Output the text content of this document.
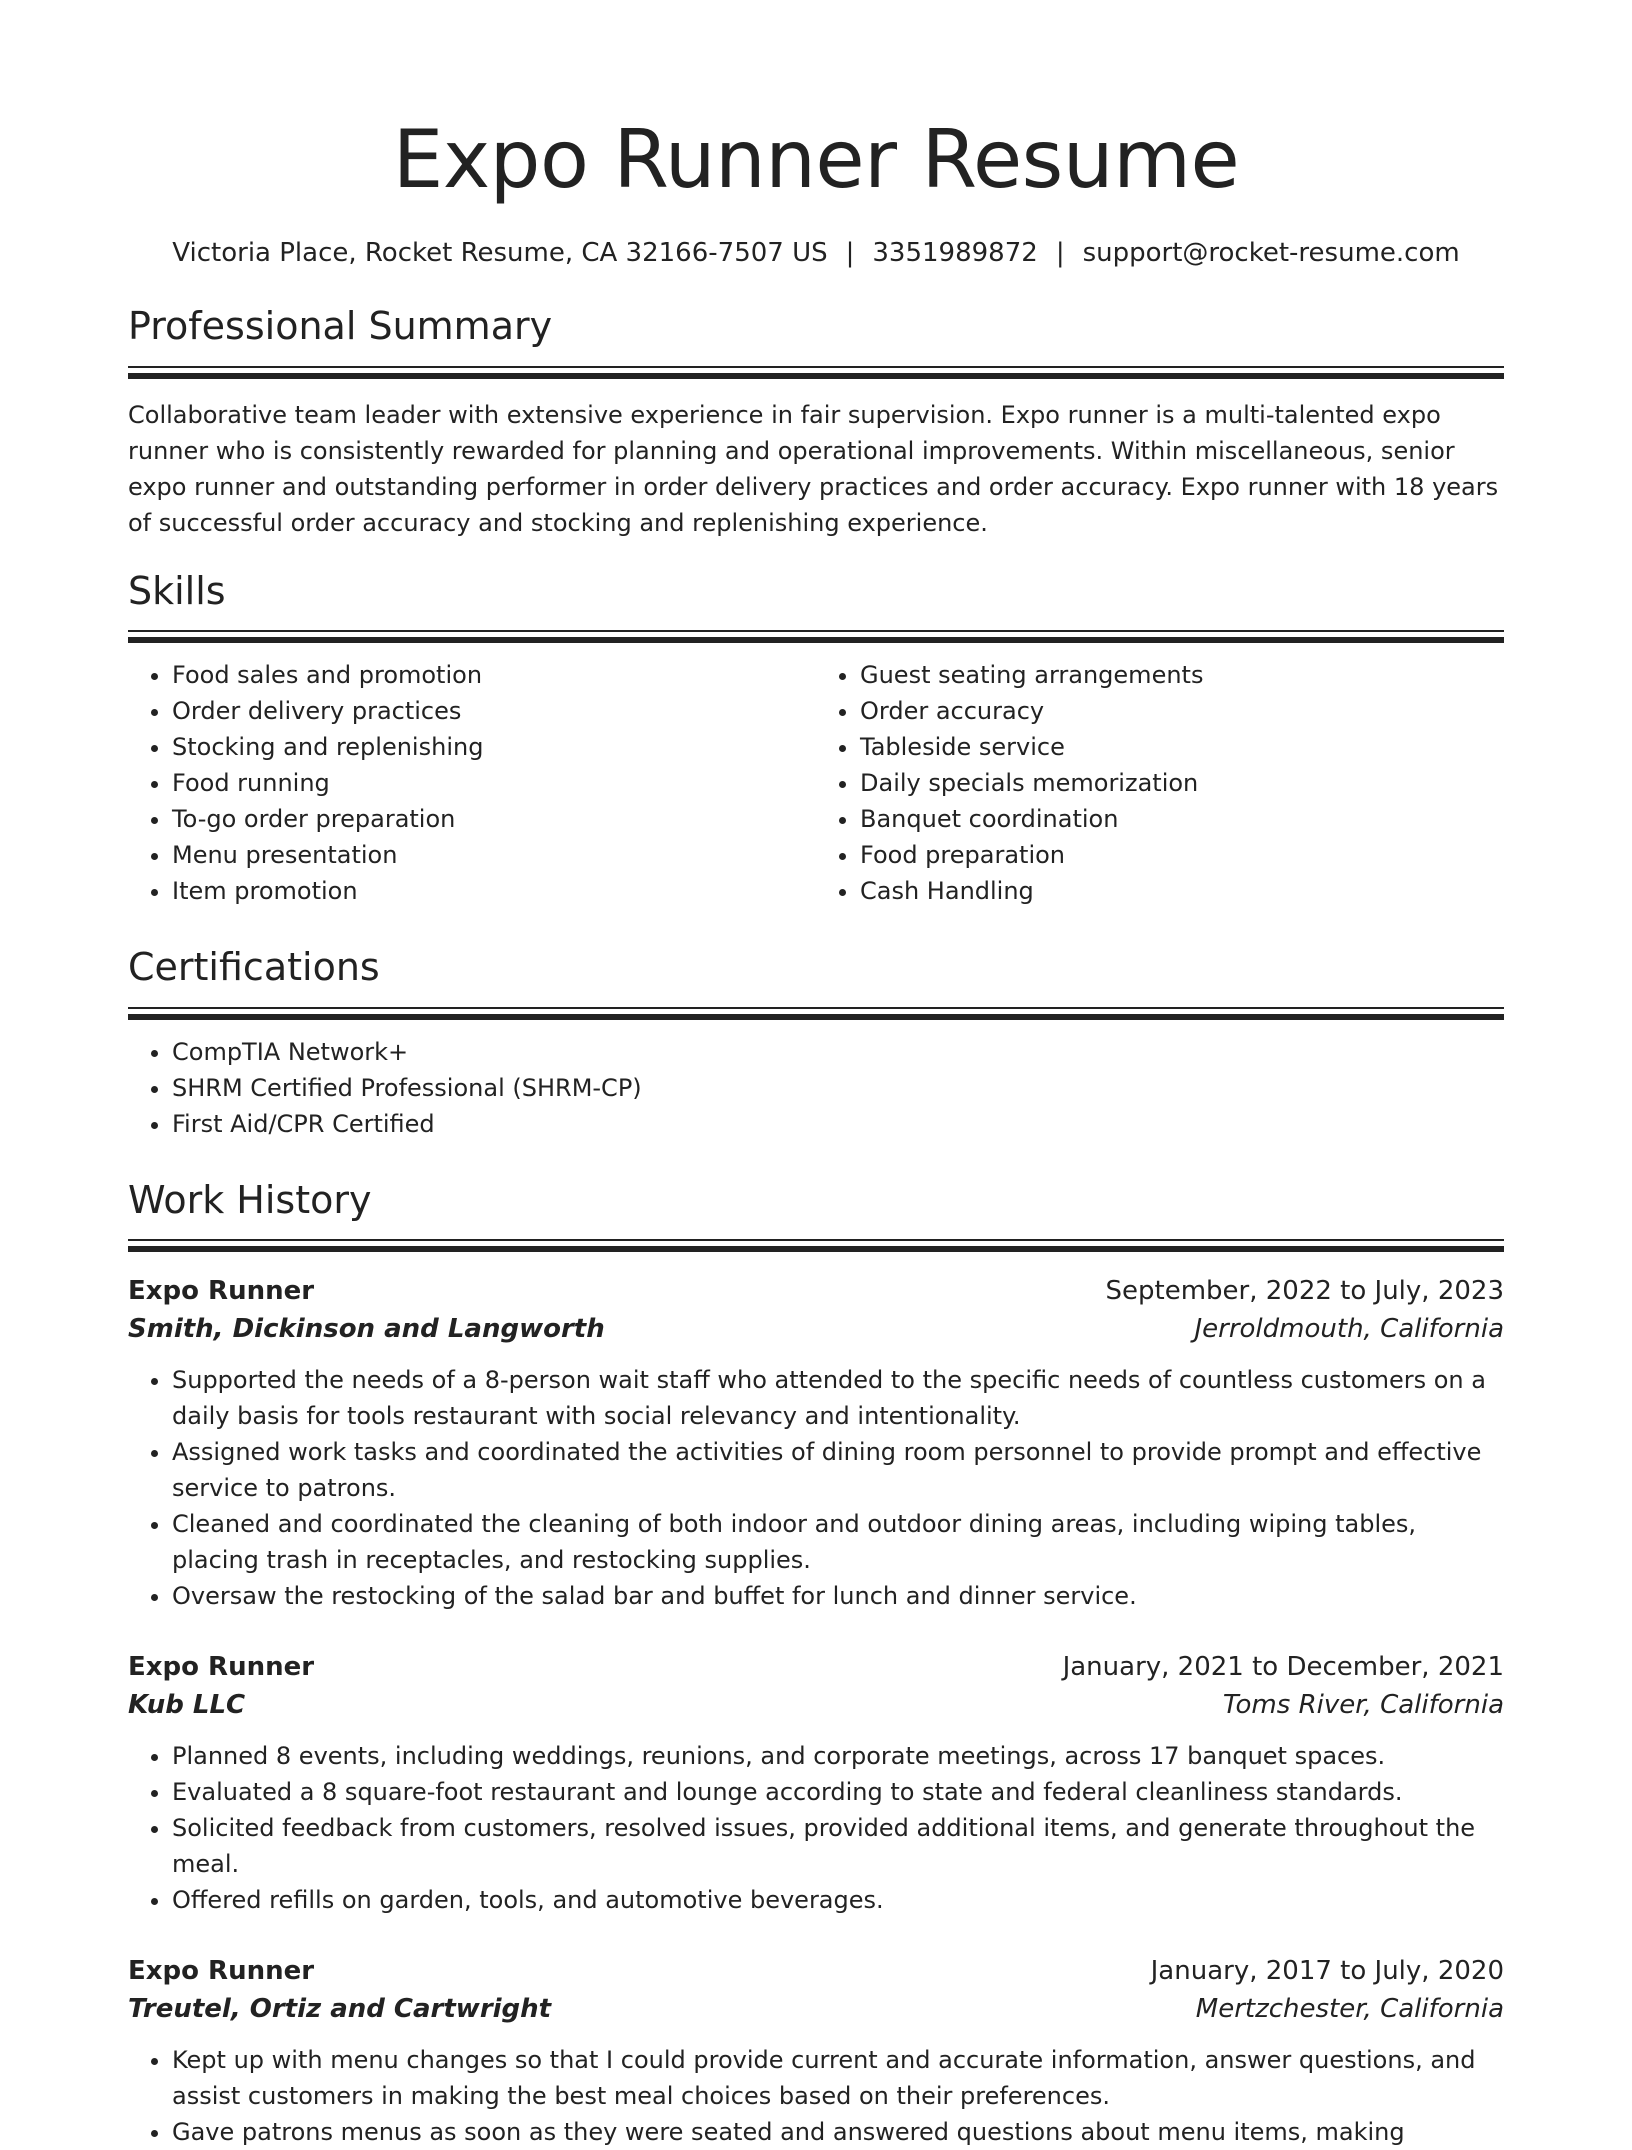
Expo Runner Resume
Victoria Place, Rocket Resume, CA 32166-7507 US | 3351989872 | support@rocket-resume.com
Professional Summary

Collaborative team leader with extensive experience in fair supervision. Expo runner is a multi-talented expo runner who is consistently rewarded for planning and operational improvements. Within miscellaneous, senior expo runner and outstanding performer in order delivery practices and order accuracy. Expo runner with 18 years of successful order accuracy and stocking and replenishing experience.

Skills
• Food sales and promotion
• Order delivery practices
• Stocking and replenishing
• Food running
• To-go order preparation
• Menu presentation
• Item promotion
• Guest seating arrangements
• Order accuracy
• Tableside service
• Daily specials memorization
• Banquet coordination
• Food preparation
• Cash Handling
Certifications
• CompTIA Network+
• SHRM Certified Professional (SHRM-CP)
• First Aid/CPR Certified
Work History
Expo Runner	September, 2022 to July, 2023
Smith, Dickinson and Langworth	Jerroldmouth, California
• Supported the needs of a 8-person wait staff who attended to the specific needs of countless customers on a daily basis for tools restaurant with social relevancy and intentionality.
• Assigned work tasks and coordinated the activities of dining room personnel to provide prompt and effective service to patrons.
• Cleaned and coordinated the cleaning of both indoor and outdoor dining areas, including wiping tables, placing trash in receptacles, and restocking supplies.
• Oversaw the restocking of the salad bar and buffet for lunch and dinner service.
Expo Runner	January, 2021 to December, 2021
Kub LLC	Toms River, California
• Planned 8 events, including weddings, reunions, and corporate meetings, across 17 banquet spaces.
• Evaluated a 8 square-foot restaurant and lounge according to state and federal cleanliness standards.
• Solicited feedback from customers, resolved issues, provided additional items, and generate throughout the meal.
• Offered refills on garden, tools, and automotive beverages.
Expo Runner	January, 2017 to July, 2020
Treutel, Ortiz and Cartwright	Mertzchester, California
• Kept up with menu changes so that I could provide current and accurate information, answer questions, and assist customers in making the best meal choices based on their preferences.
• Gave patrons menus as soon as they were seated and answered questions about menu items, making
